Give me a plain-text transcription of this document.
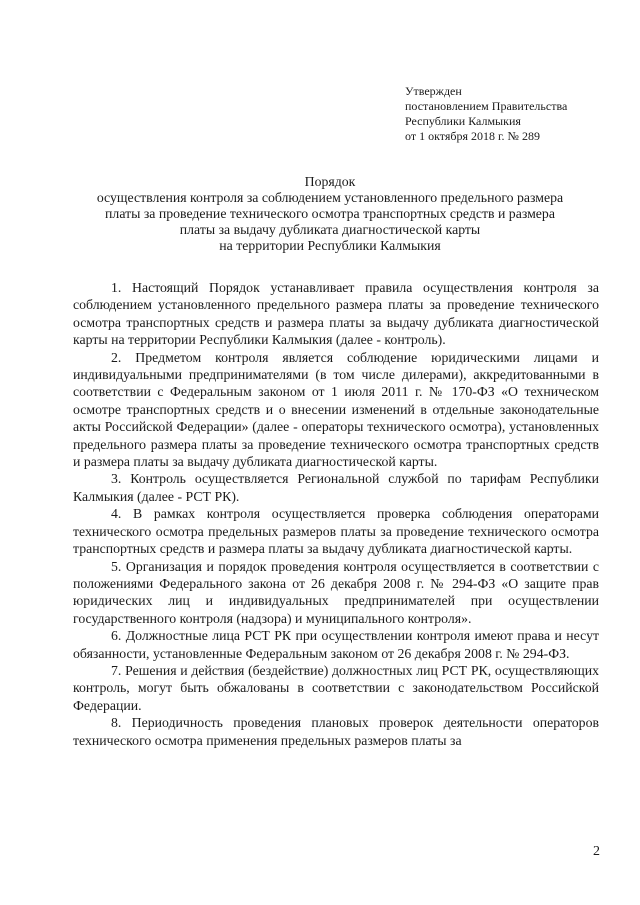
Утвержден
постановлением Правительства
Республики Калмыкия
от 1 октября 2018 г. № 289
Порядок
осуществления контроля за соблюдением установленного предельного размера
платы за проведение технического осмотра транспортных средств и размера
платы за выдачу дубликата диагностической карты
на территории Республики Калмыкия

1. Настоящий Порядок устанавливает правила осуществления контроля за соблюдением установленного предельного размера платы за проведение технического осмотра транспортных средств и размера платы за выдачу дубликата диагностической карты на территории Республики Калмыкия (далее - контроль).

2. Предметом контроля является соблюдение юридическими лицами и индивидуальными предпринимателями (в том числе дилерами), аккредитованными в соответствии с Федеральным законом от 1 июля 2011 г. № 170-ФЗ «О техническом осмотре транспортных средств и о внесении изменений в отдельные законодательные акты Российской Федерации» (далее - операторы технического осмотра), установленных предельного размера платы за проведение технического осмотра транспортных средств и размера платы за выдачу дубликата диагностической карты.

3. Контроль осуществляется Региональной службой по тарифам Республики Калмыкия (далее - РСТ РК).

4. В рамках контроля осуществляется проверка соблюдения операторами технического осмотра предельных размеров платы за проведение технического осмотра транспортных средств и размера платы за выдачу дубликата диагностической карты.

5. Организация и порядок проведения контроля осуществляется в соответствии с положениями Федерального закона от 26 декабря 2008 г. № 294-ФЗ «О защите прав юридических лиц и индивидуальных предпринимателей при осуществлении государственного контроля (надзора) и муниципального контроля».

6. Должностные лица РСТ РК при осуществлении контроля имеют права и несут обязанности, установленные Федеральным законом от 26 декабря 2008 г. № 294-ФЗ.

7. Решения и действия (бездействие) должностных лиц РСТ РК, осуществляющих контроль, могут быть обжалованы в соответствии с законодательством Российской Федерации.

8. Периодичность проведения плановых проверок деятельности операторов технического осмотра применения предельных размеров платы за

2
